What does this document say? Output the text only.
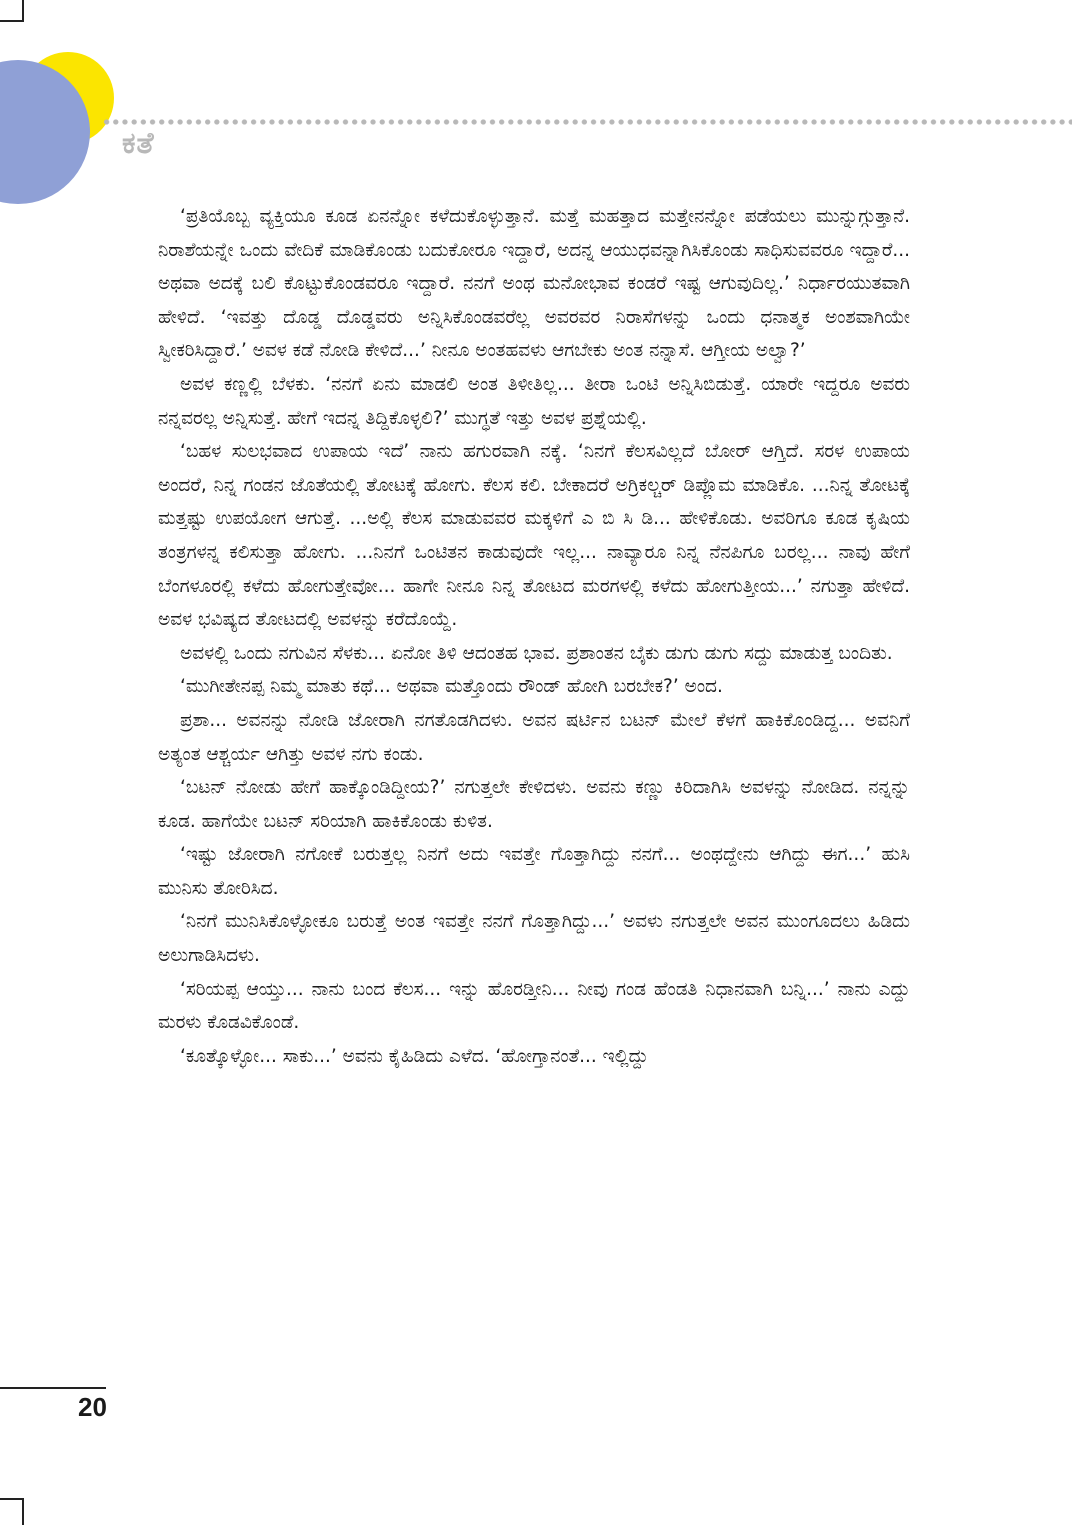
ಕತೆ

‘ಪ್ರತಿಯೊಬ್ಬ ವ್ಯಕ್ತಿಯೂ ಕೂಡ ಏನನ್ನೋ ಕಳೆದುಕೊಳ್ಳುತ್ತಾನೆ. ಮತ್ತೆ ಮಹತ್ತಾದ ಮತ್ತೇನನ್ನೋ ಪಡೆಯಲು ಮುನ್ನುಗ್ಗುತ್ತಾನೆ. ನಿರಾಶೆಯನ್ನೇ ಒಂದು ವೇದಿಕೆ ಮಾಡಿಕೊಂಡು ಬದುಕೋರೂ ಇದ್ದಾರೆ, ಅದನ್ನ ಆಯುಧವನ್ನಾಗಿಸಿಕೊಂಡು ಸಾಧಿಸುವವರೂ ಇದ್ದಾರೆ... ಅಥವಾ ಅದಕ್ಕೆ ಬಲಿ ಕೊಟ್ಟುಕೊಂಡವರೂ ಇದ್ದಾರೆ. ನನಗೆ ಅಂಥ ಮನೋಭಾವ ಕಂಡರೆ ಇಷ್ಟ ಆಗುವುದಿಲ್ಲ.’ ನಿರ್ಧಾರಯುತವಾಗಿ ಹೇಳಿದೆ. ‘ಇವತ್ತು ದೊಡ್ಡ ದೊಡ್ಡವರು ಅನ್ನಿಸಿಕೊಂಡವರೆಲ್ಲ ಅವರವರ ನಿರಾಸೆಗಳನ್ನು ಒಂದು ಧನಾತ್ಮಕ ಅಂಶವಾಗಿಯೇ ಸ್ವೀಕರಿಸಿದ್ದಾರೆ.’ ಅವಳ ಕಡೆ ನೋಡಿ ಕೇಳಿದೆ...’ ನೀನೂ ಅಂತಹವಳು ಆಗಬೇಕು ಅಂತ ನನ್ನಾಸೆ. ಆಗ್ತೀಯ ಅಲ್ವಾ?’

ಅವಳ ಕಣ್ಣಲ್ಲಿ ಬೆಳಕು. ‘ನನಗೆ ಏನು ಮಾಡಲಿ ಅಂತ ತಿಳೀತಿಲ್ಲ... ತೀರಾ ಒಂಟಿ ಅನ್ನಿಸಿಬಿಡುತ್ತೆ. ಯಾರೇ ಇದ್ದರೂ ಅವರು ನನ್ನವರಲ್ಲ ಅನ್ನಿಸುತ್ತೆ. ಹೇಗೆ ಇದನ್ನ ತಿದ್ದಿಕೊಳ್ಳಲಿ?’ ಮುಗ್ಧತೆ ಇತ್ತು ಅವಳ ಪ್ರಶ್ನೆಯಲ್ಲಿ.

‘ಬಹಳ ಸುಲಭವಾದ ಉಪಾಯ ಇದೆ’ ನಾನು ಹಗುರವಾಗಿ ನಕ್ಕೆ. ‘ನಿನಗೆ ಕೆಲಸವಿಲ್ಲದೆ ಬೋರ್ ಆಗ್ತಿದೆ. ಸರಳ ಉಪಾಯ ಅಂದರೆ, ನಿನ್ನ ಗಂಡನ ಜೊತೆಯಲ್ಲಿ ತೋಟಕ್ಕೆ ಹೋಗು. ಕೆಲಸ ಕಲಿ. ಬೇಕಾದರೆ ಅಗ್ರಿಕಲ್ಚರ್ ಡಿಪ್ಲೊಮ ಮಾಡಿಕೊ. ...ನಿನ್ನ ತೋಟಕ್ಕೆ ಮತ್ತಷ್ಟು ಉಪಯೋಗ ಆಗುತ್ತೆ. ...ಅಲ್ಲಿ ಕೆಲಸ ಮಾಡುವವರ ಮಕ್ಕಳಿಗೆ ಎ ಬಿ ಸಿ ಡಿ... ಹೇಳಿಕೊಡು. ಅವರಿಗೂ ಕೂಡ ಕೃಷಿಯ ತಂತ್ರಗಳನ್ನ ಕಲಿಸುತ್ತಾ ಹೋಗು. ...ನಿನಗೆ ಒಂಟಿತನ ಕಾಡುವುದೇ ಇಲ್ಲ... ನಾವ್ಯಾರೂ ನಿನ್ನ ನೆನಪಿಗೂ ಬರಲ್ಲ... ನಾವು ಹೇಗೆ ಬೆಂಗಳೂರಲ್ಲಿ ಕಳೆದು ಹೋಗುತ್ತೇವೋ... ಹಾಗೇ ನೀನೂ ನಿನ್ನ ತೋಟದ ಮರಗಳಲ್ಲಿ ಕಳೆದು ಹೋಗುತ್ತೀಯ...’ ನಗುತ್ತಾ ಹೇಳಿದೆ. ಅವಳ ಭವಿಷ್ಯದ ತೋಟದಲ್ಲಿ ಅವಳನ್ನು ಕರೆದೊಯ್ದೆ.

ಅವಳಲ್ಲಿ ಒಂದು ನಗುವಿನ ಸೆಳಕು... ಏನೋ ತಿಳಿ ಆದಂತಹ ಭಾವ. ಪ್ರಶಾಂತನ ಬೈಕು ಡುಗು ಡುಗು ಸದ್ದು ಮಾಡುತ್ತ ಬಂದಿತು.

‘ಮುಗೀತೇನಪ್ಪ ನಿಮ್ಮ ಮಾತು ಕಥೆ... ಅಥವಾ ಮತ್ತೊಂದು ರೌಂಡ್ ಹೋಗಿ ಬರಬೇಕ?’ ಅಂದ.

ಪ್ರಶಾ... ಅವನನ್ನು ನೋಡಿ ಜೋರಾಗಿ ನಗತೊಡಗಿದಳು. ಅವನ ಷರ್ಟಿನ ಬಟನ್ ಮೇಲೆ ಕೆಳಗೆ ಹಾಕಿಕೊಂಡಿದ್ದ... ಅವನಿಗೆ ಅತ್ಯಂತ ಆಶ್ಚರ್ಯ ಆಗಿತ್ತು ಅವಳ ನಗು ಕಂಡು.

‘ಬಟನ್ ನೋಡು ಹೇಗೆ ಹಾಕ್ಕೊಂಡಿದ್ದೀಯ?’ ನಗುತ್ತಲೇ ಕೇಳಿದಳು. ಅವನು ಕಣ್ಣು ಕಿರಿದಾಗಿಸಿ ಅವಳನ್ನು ನೋಡಿದ. ನನ್ನನ್ನು ಕೂಡ. ಹಾಗೆಯೇ ಬಟನ್ ಸರಿಯಾಗಿ ಹಾಕಿಕೊಂಡು ಕುಳಿತ.

‘ಇಷ್ಟು ಜೋರಾಗಿ ನಗೋಕೆ ಬರುತ್ತಲ್ಲ ನಿನಗೆ ಅದು ಇವತ್ತೇ ಗೊತ್ತಾಗಿದ್ದು ನನಗೆ... ಅಂಥದ್ದೇನು ಆಗಿದ್ದು ಈಗ...’ ಹುಸಿ ಮುನಿಸು ತೋರಿಸಿದ.

‘ನಿನಗೆ ಮುನಿಸಿಕೊಳ್ಳೋಕೂ ಬರುತ್ತೆ ಅಂತ ಇವತ್ತೇ ನನಗೆ ಗೊತ್ತಾಗಿದ್ದು...’ ಅವಳು ನಗುತ್ತಲೇ ಅವನ ಮುಂಗೂದಲು ಹಿಡಿದು ಅಲುಗಾಡಿಸಿದಳು.

‘ಸರಿಯಪ್ಪ ಆಯ್ತು... ನಾನು ಬಂದ ಕೆಲಸ... ಇನ್ನು ಹೊರಡ್ತೀನಿ... ನೀವು ಗಂಡ ಹೆಂಡತಿ ನಿಧಾನವಾಗಿ ಬನ್ನಿ...’ ನಾನು ಎದ್ದು ಮರಳು ಕೊಡವಿಕೊಂಡೆ.

‘ಕೂತ್ಕೊಳ್ಳೋ... ಸಾಕು...’ ಅವನು ಕೈಹಿಡಿದು ಎಳೆದ. ‘ಹೋಗ್ತಾನಂತೆ... ಇಲ್ಲಿದ್ದು

20
